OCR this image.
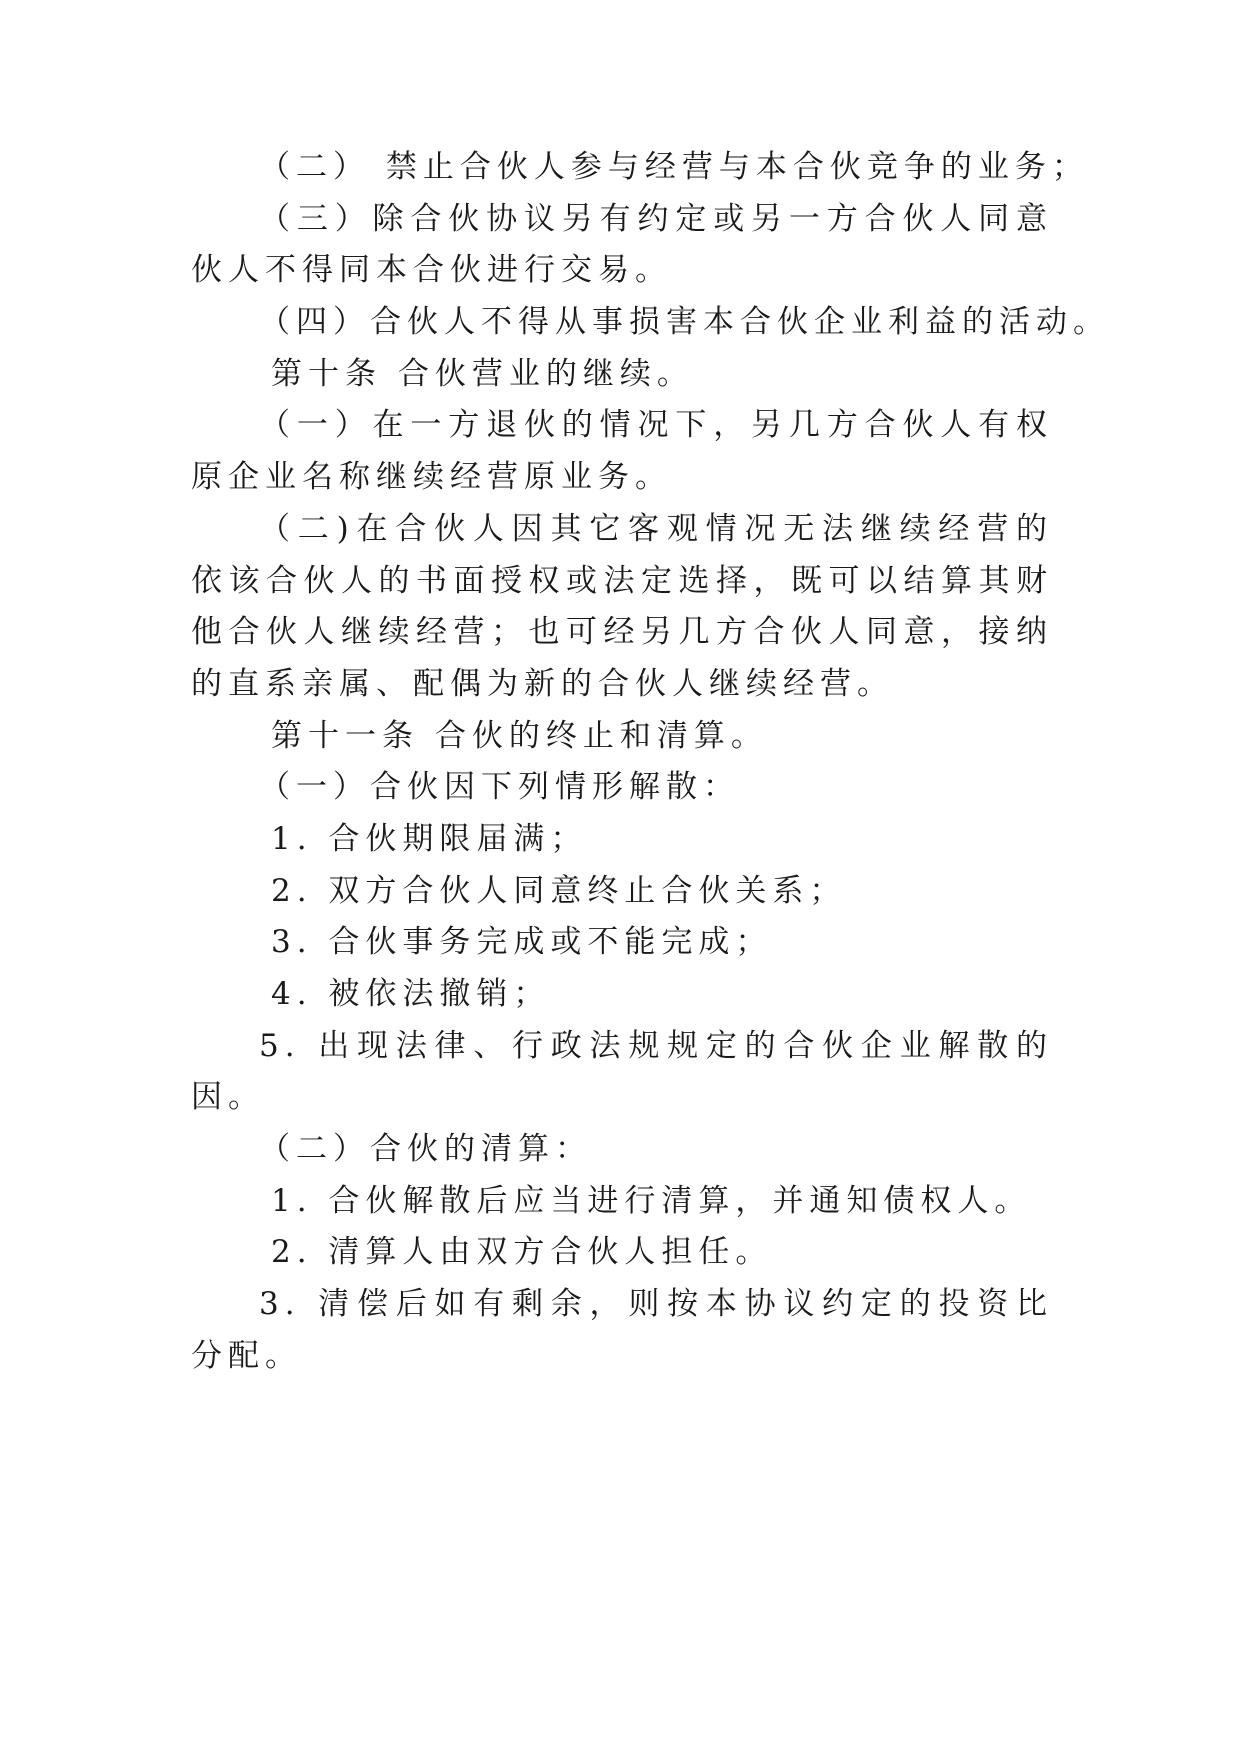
（二） 禁止合伙人参与经营与本合伙竞争的业务；
（三）除合伙协议另有约定或另一方合伙人同意
伙人不得同本合伙进行交易。
（四）合伙人不得从事损害本合伙企业利益的活动。
第十条 合伙营业的继续。
（一）在一方退伙的情况下，另几方合伙人有权
原企业名称继续经营原业务。
（二)在合伙人因其它客观情况无法继续经营的
依该合伙人的书面授权或法定选择，既可以结算其财
他合伙人继续经营；也可经另几方合伙人同意，接纳
的直系亲属、配偶为新的合伙人继续经营。
第十一条 合伙的终止和清算。
（一）合伙因下列情形解散：
1. 合伙期限届满；
2. 双方合伙人同意终止合伙关系；
3. 合伙事务完成或不能完成；
4. 被依法撤销；
5. 出现法律、行政法规规定的合伙企业解散的
因。
（二）合伙的清算：
1. 合伙解散后应当进行清算，并通知债权人。
2. 清算人由双方合伙人担任。
3. 清偿后如有剩余，则按本协议约定的投资比
分配。
